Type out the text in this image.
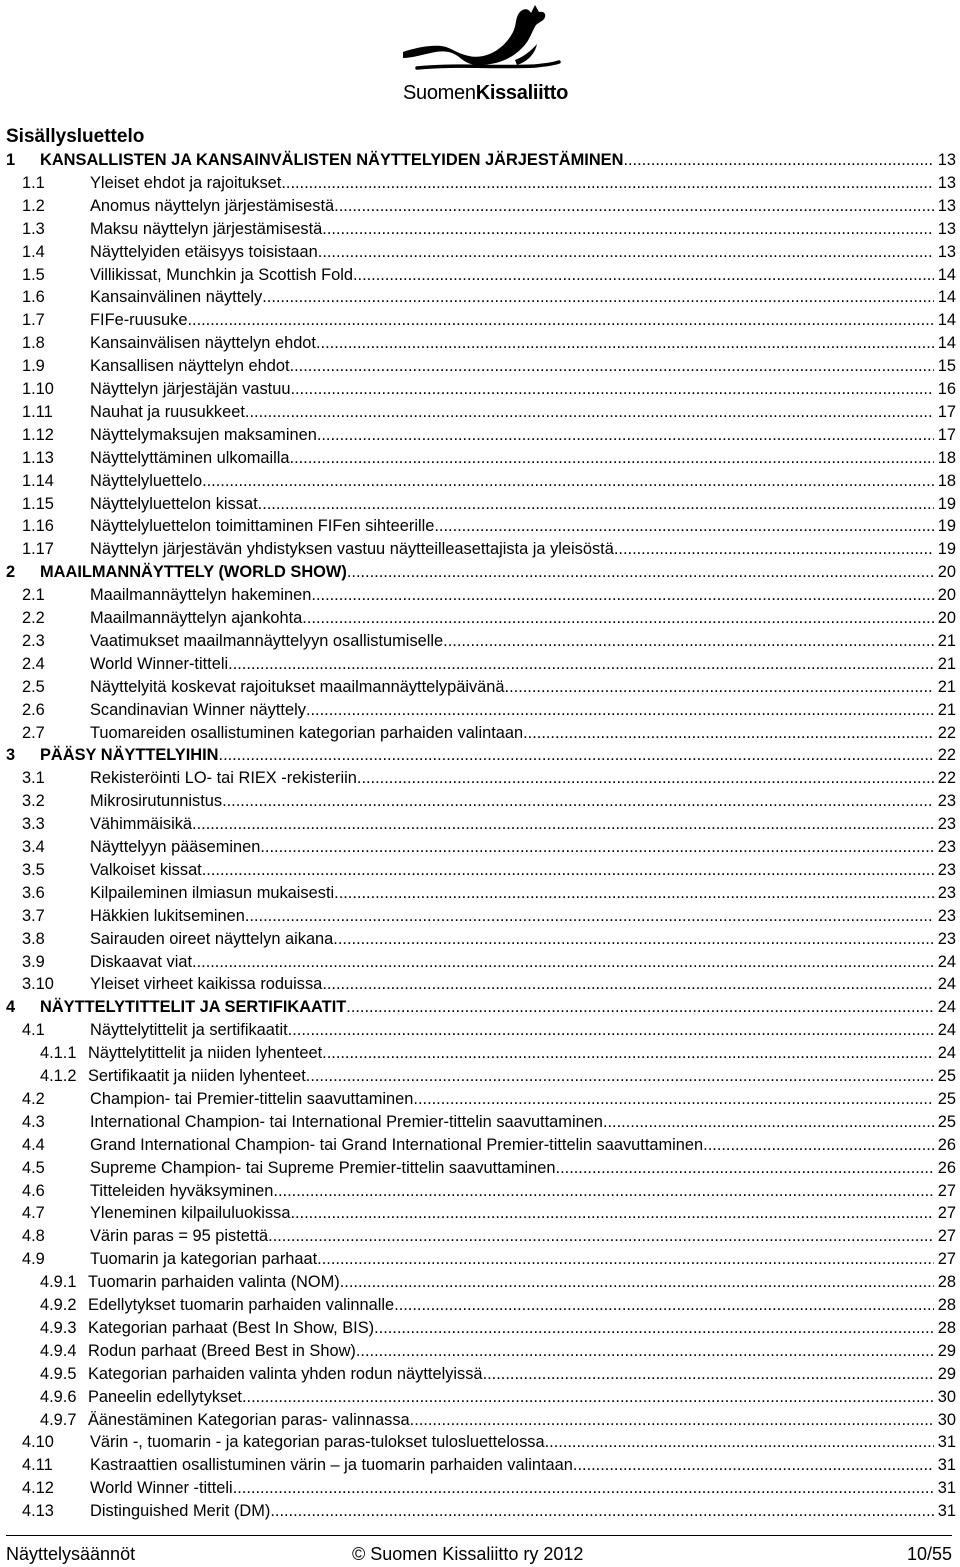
SuomenKissaliitto
Sisällysluettelo
1 KANSALLISTEN JA KANSAINVÄLISTEN NÄYTTELYIDEN JÄRJESTÄMINEN .....	13
1.1	Yleiset ehdot ja rajoitukset .....	13
1.2	Anomus näyttelyn järjestämisestä .....	13
1.3	Maksu näyttelyn järjestämisestä .....	13
1.4	Näyttelyiden etäisyys toisistaan .....	13
1.5	Villikissat, Munchkin ja Scottish Fold .....	14
1.6	Kansainvälinen näyttely .....	14
1.7	FIFe-ruusuke .....	14
1.8	Kansainvälisen näyttelyn ehdot .....	14
1.9	Kansallisen näyttelyn ehdot .....	15
1.10 Näyttelyn järjestäjän vastuu .....	16
1.11 Nauhat ja ruusukkeet .....	17
1.12 Näyttelymaksujen maksaminen .....	17
1.13 Näyttelyttäminen ulkomailla .....	18
1.14 Näyttelyluettelo .....	18
1.15 Näyttelyluettelon kissat .....	19
1.16 Näyttelyluettelon toimittaminen FIFen sihteerille .....	19
1.17 Näyttelyn järjestävän yhdistyksen vastuu näytteilleasettajista ja yleisöstä .....	19
2 MAAILMANNÄYTTELY (WORLD SHOW) .....	20
2.1	Maailmannäyttelyn hakeminen .....	20
2.2	Maailmannäyttelyn ajankohta .....	20
2.3	Vaatimukset maailmannäyttelyyn osallistumiselle .....	21
2.4	World Winner-titteli .....	21
2.5	Näyttelyitä koskevat rajoitukset maailmannäyttelypäivänä .....	21
2.6	Scandinavian Winner näyttely .....	21
2.7	Tuomareiden osallistuminen kategorian parhaiden valintaan .....	22
3 PÄÄSY NÄYTTELYIHIN .....	22
3.1	Rekisteröinti LO- tai RIEX -rekisteriin .....	22
3.2	Mikrosirutunnistus .....	23
3.3	Vähimmäisikä .....	23
3.4	Näyttelyyn pääseminen .....	23
3.5	Valkoiset kissat .....	23
3.6	Kilpaileminen ilmiasun mukaisesti .....	23
3.7	Häkkien lukitseminen .....	23
3.8	Sairauden oireet näyttelyn aikana .....	23
3.9	Diskaavat viat .....	24
3.10 Yleiset virheet kaikissa roduissa .....	24
4 NÄYTTELYTITTELIT JA SERTIFIKAATIT .....	24
4.1	Näyttelytittelit ja sertifikaatit .....	24
4.1.1 Näyttelytittelit ja niiden lyhenteet .....	24
4.1.2 Sertifikaatit ja niiden lyhenteet .....	25
4.2	Champion- tai Premier-tittelin saavuttaminen .....	25
4.3	International Champion- tai International Premier-tittelin saavuttaminen .....	25
4.4	Grand International Champion- tai Grand International Premier-tittelin saavuttaminen .....	26
4.5	Supreme Champion- tai Supreme Premier-tittelin saavuttaminen .....	26
4.6	Titteleiden hyväksyminen .....	27
4.7	Yleneminen kilpailuluokissa .....	27
4.8	Värin paras = 95 pistettä .....	27
4.9	Tuomarin ja kategorian parhaat .....	27
4.9.1 Tuomarin parhaiden valinta (NOM) .....	28
4.9.2 Edellytykset tuomarin parhaiden valinnalle .....	28
4.9.3 Kategorian parhaat (Best In Show, BIS) .....	28
4.9.4 Rodun parhaat (Breed Best in Show) .....	29
4.9.5 Kategorian parhaiden valinta yhden rodun näyttelyissä .....	29
4.9.6 Paneelin edellytykset .....	30
4.9.7 Äänestäminen Kategorian paras- valinnassa .....	30
4.10 Värin -, tuomarin - ja kategorian paras-tulokset tulosluettelossa .....	31
4.11 Kastraattien osallistuminen värin – ja tuomarin parhaiden valintaan .....	31
4.12 World Winner -titteli .....	31
4.13 Distinguished Merit (DM) .....	31
Näyttelysäännöt	© Suomen Kissaliitto ry 2012	10/55
